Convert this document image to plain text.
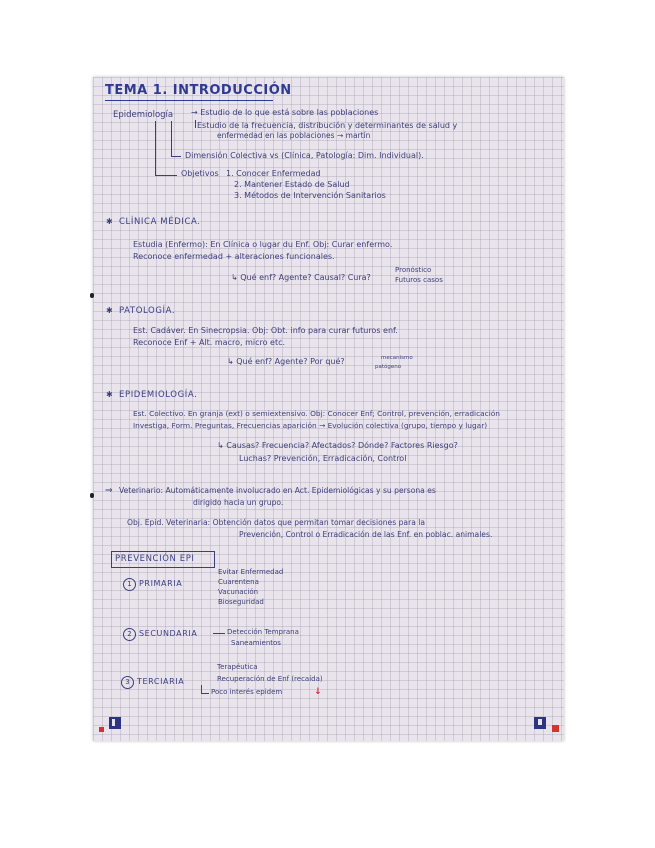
TEMA 1. INTRODUCCIÓN
Epidemiología → Estudio de lo que está sobre las poblaciones
Estudio de la frecuencia, distribución y determinantes de salud y
enfermedad en las poblaciones → martín
Dimensión Colectiva vs (Clínica, Patología: Dim. Individual).
Objetivos 1. Conocer Enfermedad
2. Mantener Estado de Salud
3. Métodos de Intervención Sanitarios
✱ CLÍNICA MÉDICA.
Estudia (Enfermo): En Clínica o lugar du Enf. Obj: Curar enfermo.
Reconoce enfermedad + alteraciones funcionales.
↳ Qué enf? Agente? Causal? Cura?
Pronóstico
Futuros casos
✱ PATOLOGÍA.
Est. Cadáver. En Sinecropsia. Obj: Obt. info para curar futuros enf.
Reconoce Enf + Alt. macro, micro etc.
↳ Qué enf? Agente? Por qué?	mecanismo
patógeno
✱ EPIDEMIOLOGÍA.
Est. Colectivo. En granja (ext) o semiextensivo. Obj: Conocer Enf; Control, prevención, erradicación
Investiga, Form. Preguntas, Frecuencias aparición → Evolución colectiva (grupo, tiempo y lugar)
↳ Causas? Frecuencia? Afectados? Dónde? Factores Riesgo?
Luchas? Prevención, Erradicación, Control
⇒ Veterinario: Automáticamente involucrado en Act. Epidemiológicas y su persona es
dirigido hacia un grupo.
Obj. Epid. Veterinaria: Obtención datos que permitan tomar decisiones para la
Prevención, Control o Erradicación de las Enf. en poblac. animales.
PREVENCIÓN EPI
1 PRIMARIA
Evitar Enfermedad
Cuarentena
Vacunación
Bioseguridad
2 SECUNDARIA	Detección Temprana
Saneamientos
3 TERCIARIA
Terapéutica
Recuperación de Enf (recaída)
Poco interés epidem	↓
